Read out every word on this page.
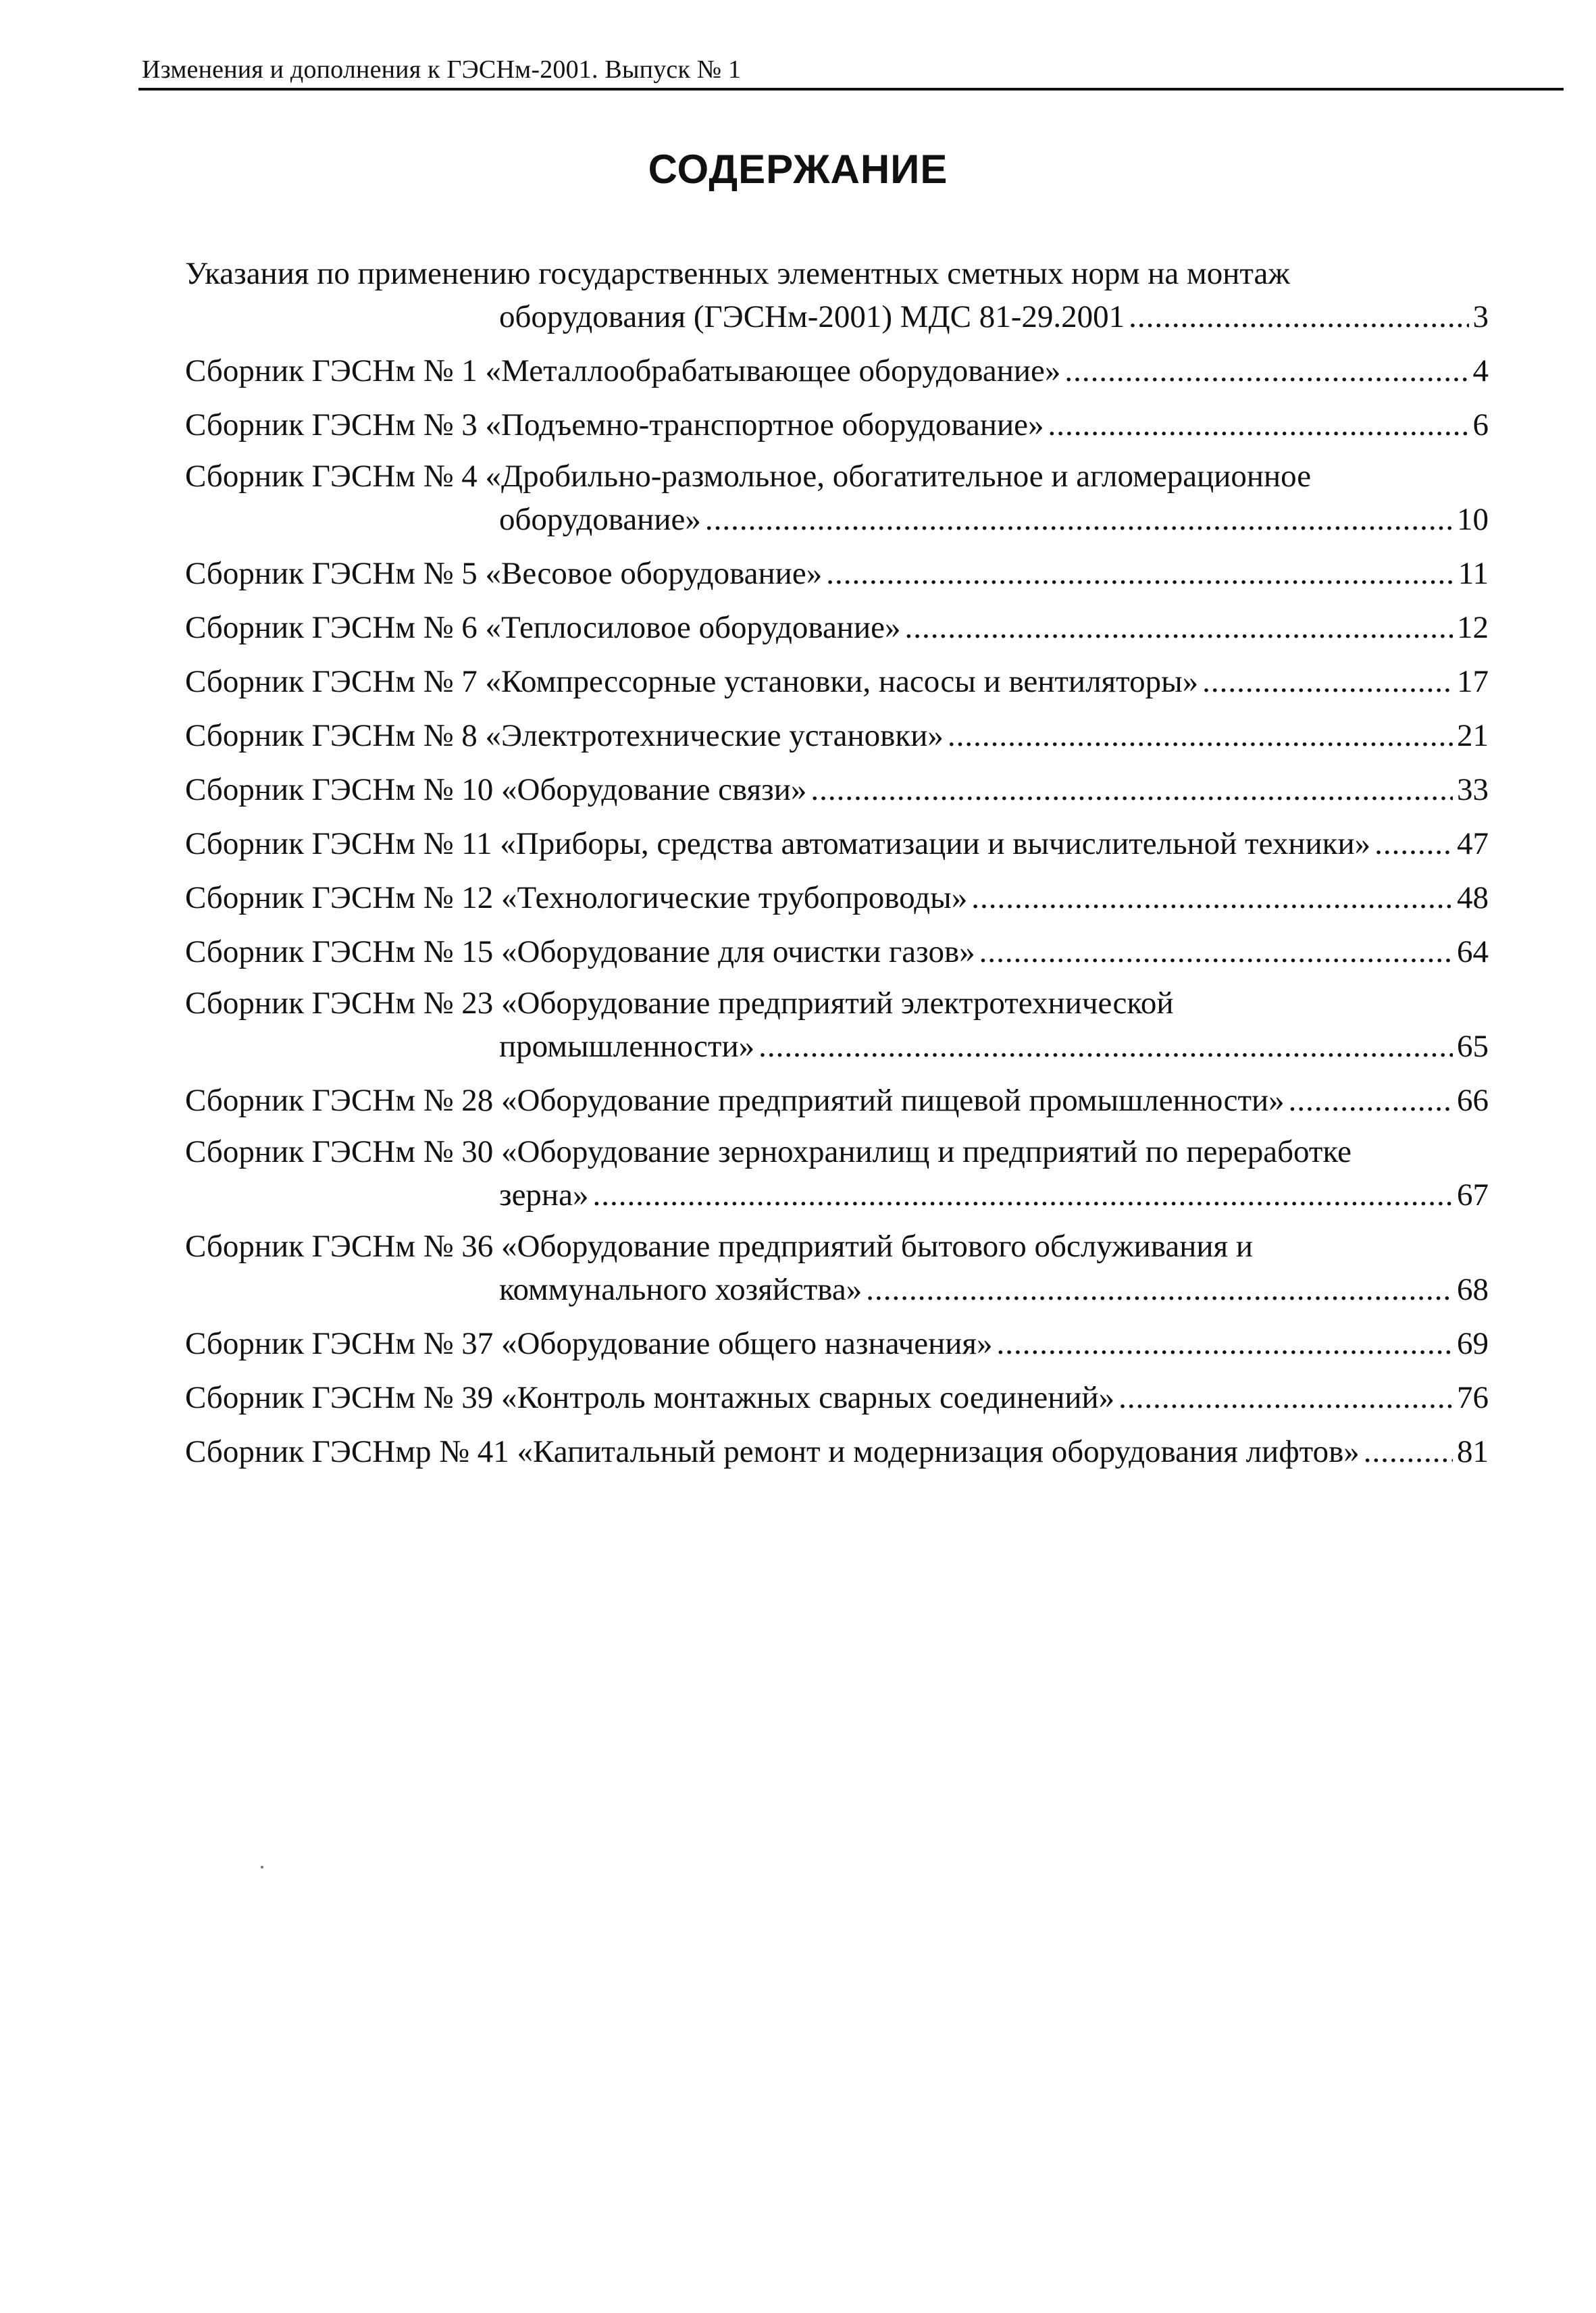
Изменения и дополнения к ГЭСНм-2001. Выпуск № 1
СОДЕРЖАНИЕ
Указания по применению государственных элементных сметных норм на монтаж
оборудования (ГЭСНм-2001) МДС 81-29.2001 .....	3
Сборник ГЭСНм № 1 «Металлообрабатывающее оборудование» .....	4
Сборник ГЭСНм № 3 «Подъемно-транспортное оборудование» .....	6
Сборник ГЭСНм № 4 «Дробильно-размольное, обогатительное и агломерационное
оборудование» .....	10
Сборник ГЭСНм № 5 «Весовое оборудование» .....	11
Сборник ГЭСНм № 6 «Теплосиловое оборудование» .....	12
Сборник ГЭСНм № 7 «Компрессорные установки, насосы и вентиляторы» .....	17
Сборник ГЭСНм № 8 «Электротехнические установки» .....	21
Сборник ГЭСНм № 10 «Оборудование связи» .....	33
Сборник ГЭСНм № 11 «Приборы, средства автоматизации и вычислительной техники» .....	47
Сборник ГЭСНм № 12 «Технологические трубопроводы» .....	48
Сборник ГЭСНм № 15 «Оборудование для очистки газов» .....	64
Сборник ГЭСНм № 23 «Оборудование предприятий электротехнической
промышленности» .....	65
Сборник ГЭСНм № 28 «Оборудование предприятий пищевой промышленности» .....	66
Сборник ГЭСНм № 30 «Оборудование зернохранилищ и предприятий по переработке
зерна» .....	67
Сборник ГЭСНм № 36 «Оборудование предприятий бытового обслуживания и
коммунального хозяйства» .....	68
Сборник ГЭСНм № 37 «Оборудование общего назначения» .....	69
Сборник ГЭСНм № 39 «Контроль монтажных сварных соединений» .....	76
Сборник ГЭСНмр № 41 «Капитальный ремонт и модернизация оборудования лифтов» .....	81
